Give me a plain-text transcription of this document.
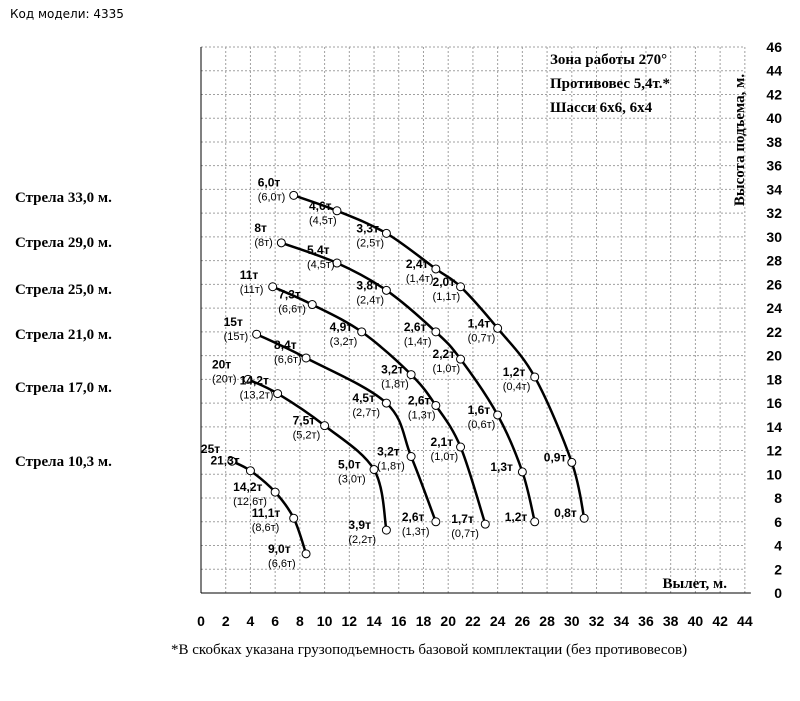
Код модели: 4335
0 2 4 6 8 10 12 14 16 18 20 22 24 26 28 30 32 34 36 38 40 42 44
0
2
4
6
8
10
12
14
16
18
20
22
24
26
28
30
32
34
36
38
40
42
44
46
6,0т
(6,0т)
4,6т
(4,5т)
3,3т
(2,5т)
2,4т
(1,4т) 2,0т
(1,1т)
1,4т
(0,7т)
1,2т
(0,4т)
0,9т
0,8т
8т
(8т)
5,4т
(4,5т)
3,8т
(2,4т)
2,6т
(1,4т)
2,2т
(1,0т)
1,6т
(0,6т)
1,3т
1,2т
11т
(11т) 7,3т
(6,6т)
4,9т
(3,2т)
3,2т
(1,8т)
2,6т
(1,3т)
2,1т
(1,0т)
1,7т
(0,7т)
15т
(15т)
8,4т
(6,6т)
4,5т
(2,7т)
3,2т
(1,8т)
2,6т
(1,3т)
20т
(20т) 14,2т
(13,2т)
7,5т
(5,2т)
5,0т
(3,0т)
3,9т
(2,2т)
25т
21,3т
14,2т
(12,6т)
11,1т
(8,6т)
9,0т
(6,6т)
Стрела 33,0 м.
Стрела 29,0 м.
Стрела 25,0 м.
Стрела 21,0 м.
Стрела 17,0 м.
Стрела 10,3 м.
Зона работы 270°
Противовес 5,4т.*
Шасси 6х6, 6х4
Вылет, м.
Высота подъема, м.
*В скобках указана грузоподъемность базовой комплектации (без противовесов)
